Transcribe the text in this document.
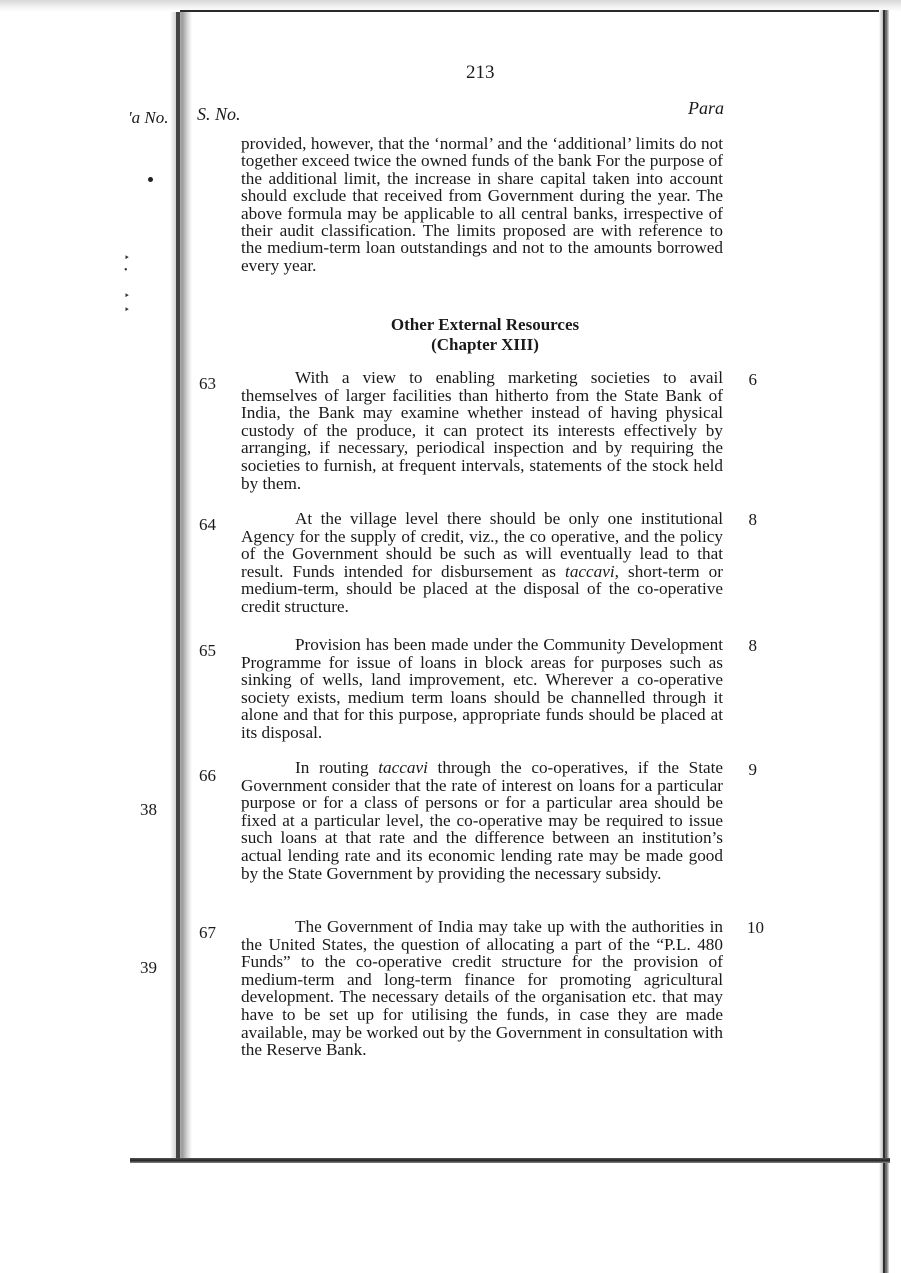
'a No.
‣
•
‣
‣
38
39
213
S. No.	Para
provided, however, that the ‘normal’ and the ‘additional’ limits do not together exceed twice the owned funds of the bank For the purpose of the additional limit, the increase in share capital taken into account should exclude that received from Government during the year. The above formula may be applicable to all central banks, irrespective of their audit classification. The limits proposed are with reference to the medium-term loan outstandings and not to the amounts borrowed every year.
Other External Resources
(Chapter XIII)
63	6
With a view to enabling marketing societies to avail themselves of larger facilities than hitherto from the State Bank of India, the Bank may examine whether instead of having physical custody of the produce, it can protect its interests effectively by arranging, if necessary, periodical inspection and by requiring the societies to furnish, at frequent intervals, statements of the stock held by them.
64	8
At the village level there should be only one institutional Agency for the supply of credit, viz., the co operative, and the policy of the Government should be such as will eventually lead to that result. Funds intended for disbursement as taccavi, short-term or medium-term, should be placed at the disposal of the co-operative credit structure.
65	8
Provision has been made under the Community Development Programme for issue of loans in block areas for purposes such as sinking of wells, land improvement, etc. Wherever a co-operative society exists, medium term loans should be channelled through it alone and that for this purpose, appropriate funds should be placed at its disposal.
66	9
In routing taccavi through the co-operatives, if the State Government consider that the rate of interest on loans for a particular purpose or for a class of persons or for a particular area should be fixed at a particular level, the co-operative may be required to issue such loans at that rate and the difference between an institution’s actual lending rate and its economic lending rate may be made good by the State Government by providing the necessary subsidy.
67	10
The Government of India may take up with the authorities in the United States, the question of allocating a part of the “P.L. 480 Funds” to the co-operative credit structure for the provision of medium-term and long-term finance for promoting agricultural development. The necessary details of the organisation etc. that may have to be set up for utilising the funds, in case they are made available, may be worked out by the Government in consultation with the Reserve Bank.
